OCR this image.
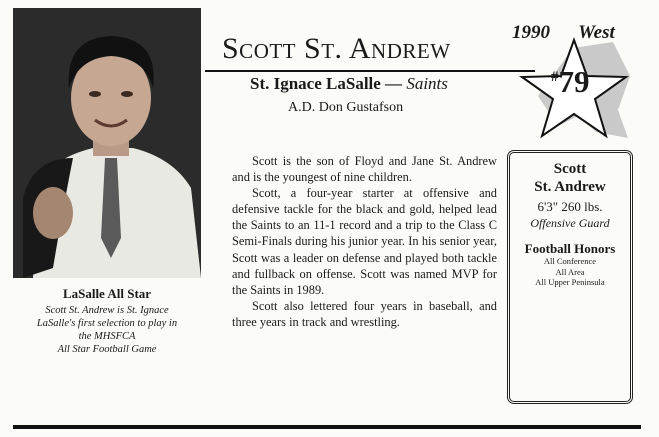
Scott St. Andrew
St. Ignace LaSalle — Saints
A.D. Don Gustafson
1990 West
#79

Scott is the son of Floyd and Jane St. Andrew and is the youngest of nine children.

Scott, a four-year starter at offensive and defensive tackle for the black and gold, helped lead the Saints to an 11-1 record and a trip to the Class C Semi-Finals during his junior year. In his senior year, Scott was a leader on defense and played both tackle and fullback on offense. Scott was named MVP for the Saints in 1989.

Scott also lettered four years in baseball, and three years in track and wrestling.

Scott
St. Andrew
6'3" 260 lbs.
Offensive Guard
Football Honors
All Conference
All Area
All Upper Peninsula
LaSalle All Star
Scott St. Andrew is St. Ignace
LaSalle's first selection to play in
the MHSFCA
All Star Football Game
